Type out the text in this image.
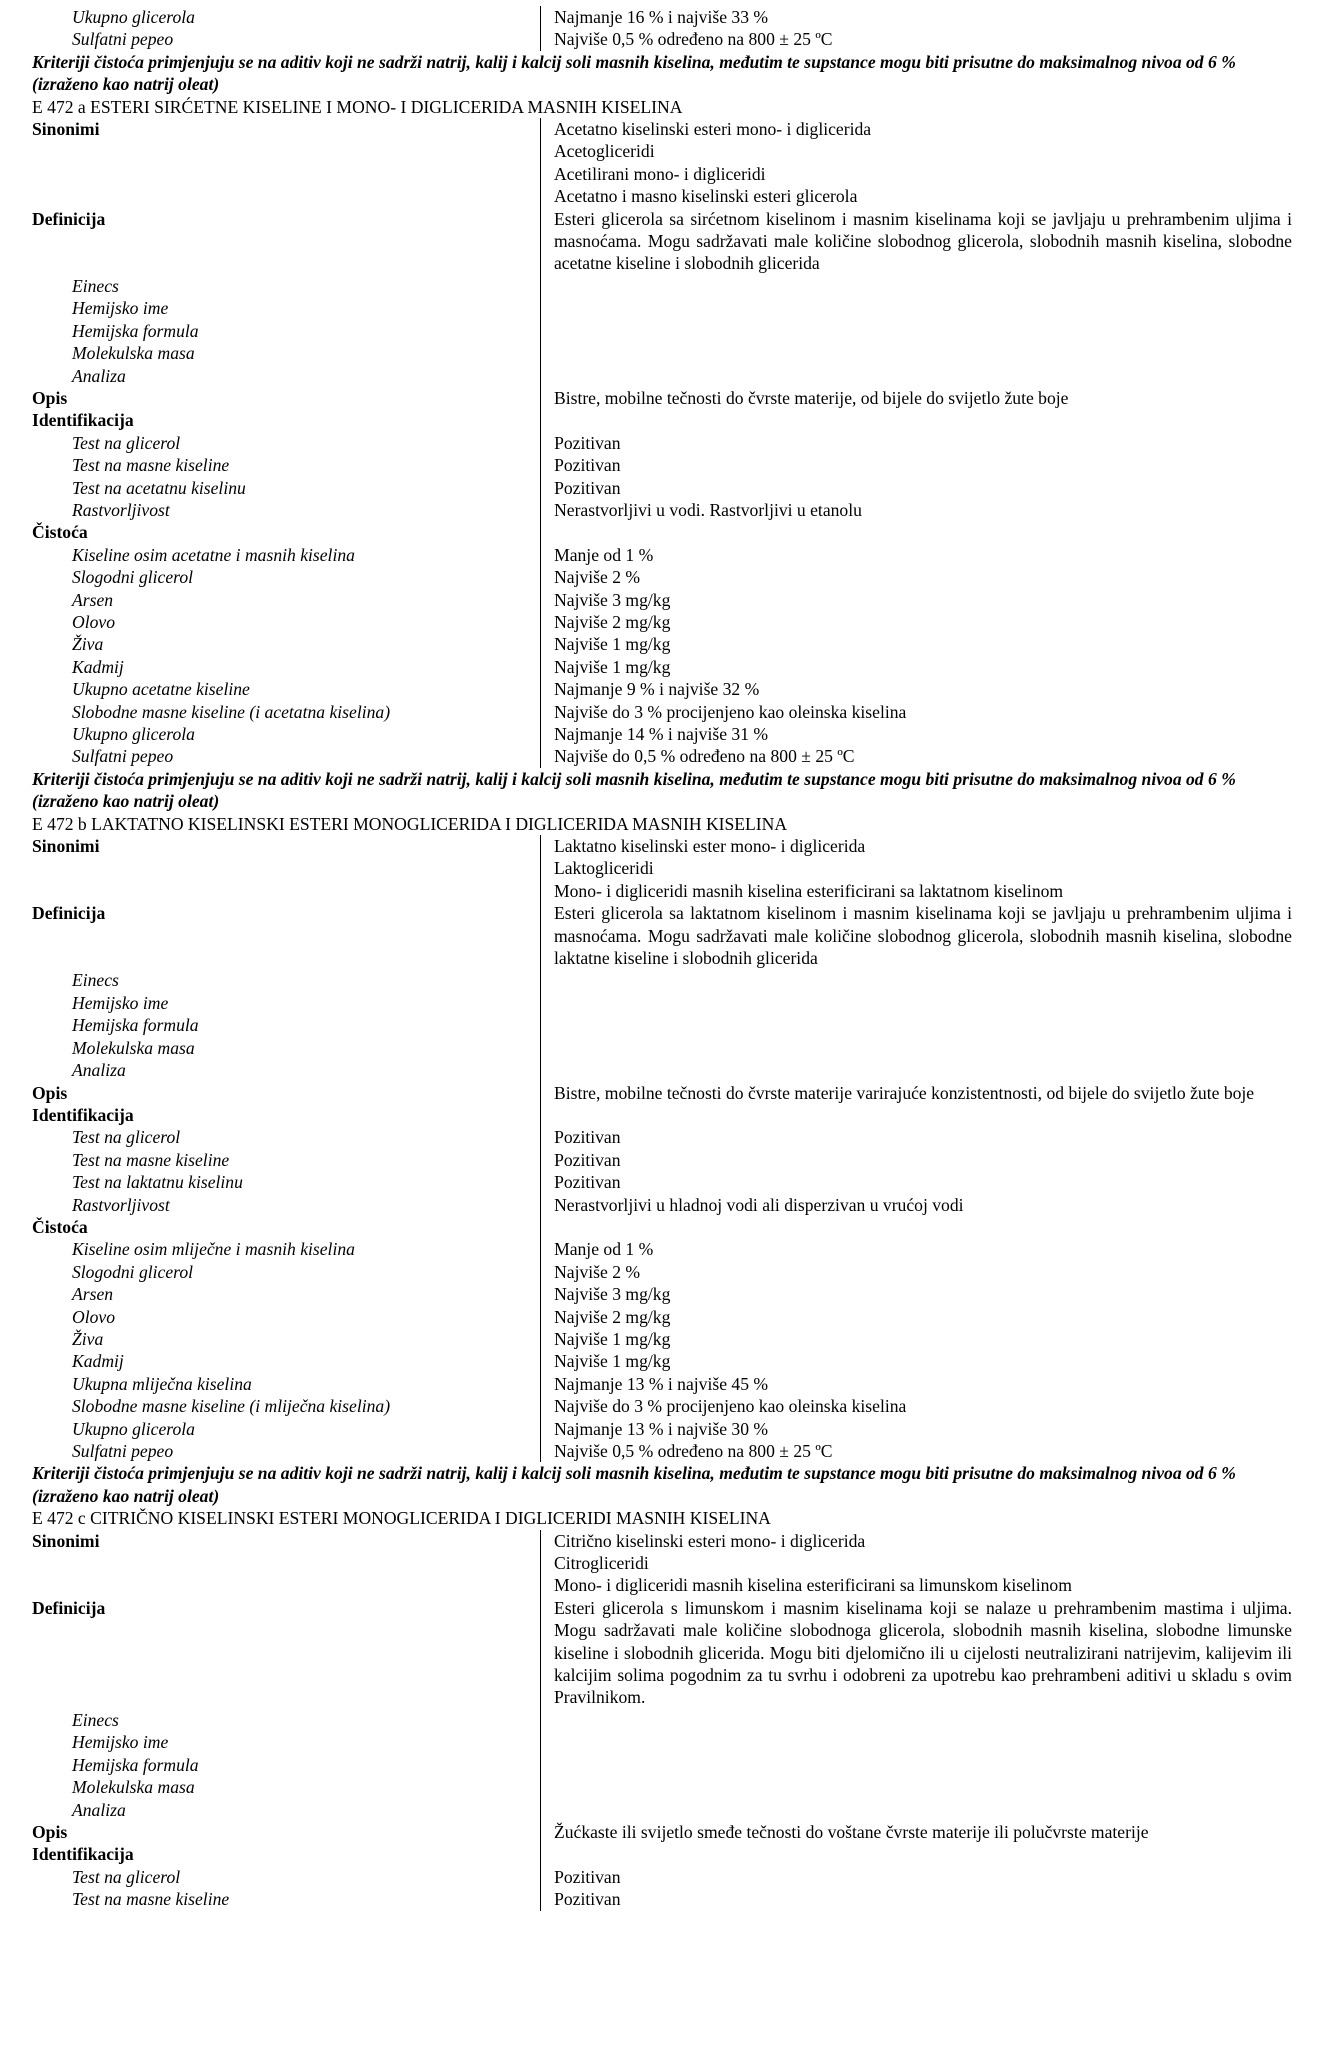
Ukupno glicerola	Najmanje 16 % i najviše 33 %
Sulfatni pepeo	Najviše 0,5 % određeno na 800 ± 25 ºC
Kriteriji čistoća primjenjuju se na aditiv koji ne sadrži natrij, kalij i kalcij soli masnih kiselina, međutim te supstance mogu biti prisutne do maksimalnog nivoa od 6 % (izraženo kao natrij oleat)
E 472 a ESTERI SIRĆETNE KISELINE I MONO- I DIGLICERIDA MASNIH KISELINA
Sinonimi	Acetatno kiselinski esteri mono- i diglicerida
Acetogliceridi
Acetilirani mono- i digliceridi
Acetatno i masno kiselinski esteri glicerola
Definicija	Esteri glicerola sa sirćetnom kiselinom i masnim kiselinama koji se javljaju u prehrambenim uljima i masnoćama. Mogu sadržavati male količine slobodnog glicerola, slobodnih masnih kiselina, slobodne acetatne kiseline i slobodnih glicerida
Einecs
Hemijsko ime
Hemijska formula
Molekulska masa
Analiza
Opis	Bistre, mobilne tečnosti do čvrste materije, od bijele do svijetlo žute boje
Identifikacija
Test na glicerol	Pozitivan
Test na masne kiseline	Pozitivan
Test na acetatnu kiselinu	Pozitivan
Rastvorljivost	Nerastvorljivi u vodi. Rastvorljivi u etanolu
Čistoća
Kiseline osim acetatne i masnih kiselina	Manje od 1 %
Slogodni glicerol	Najviše 2 %
Arsen	Najviše 3 mg/kg
Olovo	Najviše 2 mg/kg
Živa	Najviše 1 mg/kg
Kadmij	Najviše 1 mg/kg
Ukupno acetatne kiseline	Najmanje 9 % i najviše 32 %
Slobodne masne kiseline (i acetatna kiselina)	Najviše do 3 % procijenjeno kao oleinska kiselina
Ukupno glicerola	Najmanje 14 % i najviše 31 %
Sulfatni pepeo	Najviše do 0,5 % određeno na 800 ± 25 ºC
Kriteriji čistoća primjenjuju se na aditiv koji ne sadrži natrij, kalij i kalcij soli masnih kiselina, međutim te supstance mogu biti prisutne do maksimalnog nivoa od 6 % (izraženo kao natrij oleat)
E 472 b LAKTATNO KISELINSKI ESTERI MONOGLICERIDA I DIGLICERIDA MASNIH KISELINA
Sinonimi	Laktatno kiselinski ester mono- i diglicerida
Laktogliceridi
Mono- i digliceridi masnih kiselina esterificirani sa laktatnom kiselinom
Definicija	Esteri glicerola sa laktatnom kiselinom i masnim kiselinama koji se javljaju u prehrambenim uljima i masnoćama. Mogu sadržavati male količine slobodnog glicerola, slobodnih masnih kiselina, slobodne laktatne kiseline i slobodnih glicerida
Einecs
Hemijsko ime
Hemijska formula
Molekulska masa
Analiza
Opis	Bistre, mobilne tečnosti do čvrste materije varirajuće konzistentnosti, od bijele do svijetlo žute boje
Identifikacija
Test na glicerol	Pozitivan
Test na masne kiseline	Pozitivan
Test na laktatnu kiselinu	Pozitivan
Rastvorljivost	Nerastvorljivi u hladnoj vodi ali disperzivan u vrućoj vodi
Čistoća
Kiseline osim mliječne i masnih kiselina	Manje od 1 %
Slogodni glicerol	Najviše 2 %
Arsen	Najviše 3 mg/kg
Olovo	Najviše 2 mg/kg
Živa	Najviše 1 mg/kg
Kadmij	Najviše 1 mg/kg
Ukupna mliječna kiselina	Najmanje 13 % i najviše 45 %
Slobodne masne kiseline (i mliječna kiselina)	Najviše do 3 % procijenjeno kao oleinska kiselina
Ukupno glicerola	Najmanje 13 % i najviše 30 %
Sulfatni pepeo	Najviše 0,5 % određeno na 800 ± 25 ºC
Kriteriji čistoća primjenjuju se na aditiv koji ne sadrži natrij, kalij i kalcij soli masnih kiselina, međutim te supstance mogu biti prisutne do maksimalnog nivoa od 6 % (izraženo kao natrij oleat)
E 472 c CITRIČNO KISELINSKI ESTERI MONOGLICERIDA I DIGLICERIDI MASNIH KISELINA
Sinonimi	Citrično kiselinski esteri mono- i diglicerida
Citrogliceridi
Mono- i digliceridi masnih kiselina esterificirani sa limunskom kiselinom
Definicija	Esteri glicerola s limunskom i masnim kiselinama koji se nalaze u prehrambenim mastima i uljima. Mogu sadržavati male količine slobodnoga glicerola, slobodnih masnih kiselina, slobodne limunske kiseline i slobodnih glicerida. Mogu biti djelomično ili u cijelosti neutralizirani natrijevim, kalijevim ili kalcijim solima pogodnim za tu svrhu i odobreni za upotrebu kao prehrambeni aditivi u skladu s ovim Pravilnikom.
Einecs
Hemijsko ime
Hemijska formula
Molekulska masa
Analiza
Opis	Žućkaste ili svijetlo smeđe tečnosti do voštane čvrste materije ili polučvrste materije
Identifikacija
Test na glicerol	Pozitivan
Test na masne kiseline	Pozitivan
